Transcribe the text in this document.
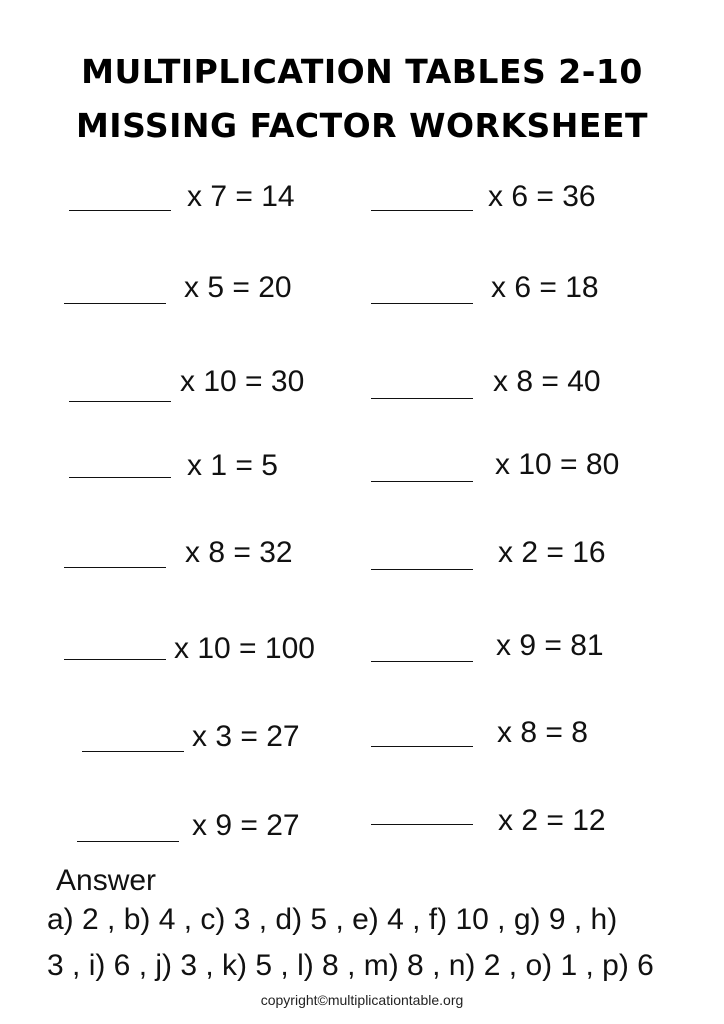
MULTIPLICATION TABLES 2-10
MISSING FACTOR WORKSHEET
x 7 = 14
x 5 = 20
x 10 = 30
x 1 = 5
x 8 = 32
x 10 = 100
x 3 = 27
x 9 = 27
x 6 = 36
x 6 = 18
x 8 = 40
x 10 = 80
x 2 = 16
x 9 = 81
x 8 = 8
x 2 = 12
Answer
a) 2 , b) 4 , c) 3 , d) 5 , e) 4 , f) 10 , g) 9 , h)
3 , i) 6 , j) 3 , k) 5 , l) 8 , m) 8 , n) 2 , o) 1 , p) 6
copyright©multiplicationtable.org
